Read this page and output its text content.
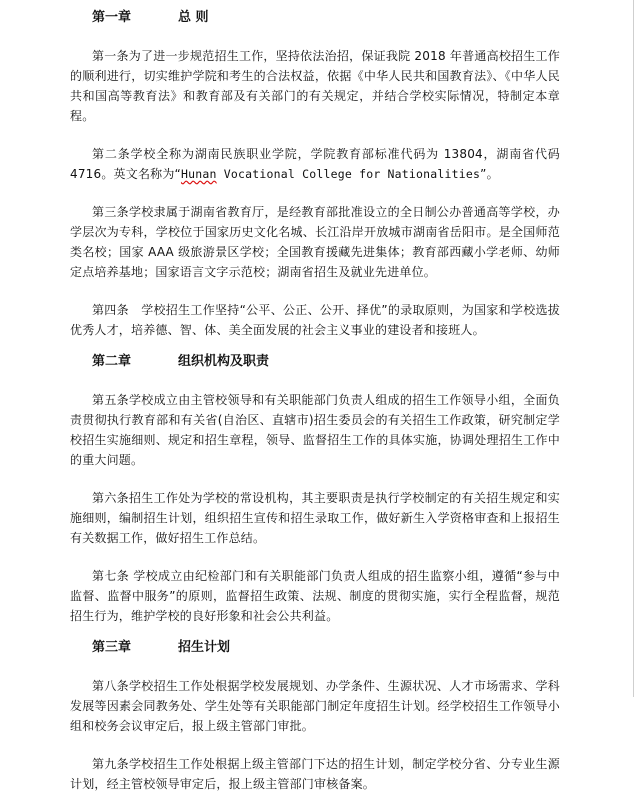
第一章	总 则

第一条为了进一步规范招生工作，坚持依法治招，保证我院 2018 年普通高校招生工作的顺利进行，切实维护学院和考生的合法权益，依据《中华人民共和国教育法》、《中华人民共和国高等教育法》和教育部及有关部门的有关规定，并结合学校实际情况，特制定本章程。

第二条学校全称为湖南民族职业学院，学院教育部标准代码为 13804，湖南省代码 4716。英文名称为“Hunan Vocational College for Nationalities”。

第三条学校隶属于湖南省教育厅，是经教育部批准设立的全日制公办普通高等学校，办学层次为专科，学校位于国家历史文化名城、长江沿岸开放城市湖南省岳阳市。是全国师范类名校；国家 AAA 级旅游景区学校；全国教育援藏先进集体；教育部西藏小学老师、幼师定点培养基地；国家语言文字示范校；湖南省招生及就业先进单位。

第四条　学校招生工作坚持“公平、公正、公开、择优”的录取原则，为国家和学校选拔优秀人才，培养德、智、体、美全面发展的社会主义事业的建设者和接班人。

第二章	组织机构及职责

第五条学校成立由主管校领导和有关职能部门负责人组成的招生工作领导小组，全面负责贯彻执行教育部和有关省(自治区、直辖市)招生委员会的有关招生工作政策，研究制定学校招生实施细则、规定和招生章程，领导、监督招生工作的具体实施，协调处理招生工作中的重大问题。

第六条招生工作处为学校的常设机构，其主要职责是执行学校制定的有关招生规定和实施细则，编制招生计划，组织招生宣传和招生录取工作，做好新生入学资格审查和上报招生有关数据工作，做好招生工作总结。

第七条 学校成立由纪检部门和有关职能部门负责人组成的招生监察小组，遵循“参与中监督、监督中服务”的原则，监督招生政策、法规、制度的贯彻实施，实行全程监督，规范招生行为，维护学校的良好形象和社会公共利益。

第三章	招生计划

第八条学校招生工作处根据学校发展规划、办学条件、生源状况、人才市场需求、学科发展等因素会同教务处、学生处等有关职能部门制定年度招生计划。经学校招生工作领导小组和校务会议审定后，报上级主管部门审批。

第九条学校招生工作处根据上级主管部门下达的招生计划，制定学校分省、分专业生源计划，经主管校领导审定后，报上级主管部门审核备案。
